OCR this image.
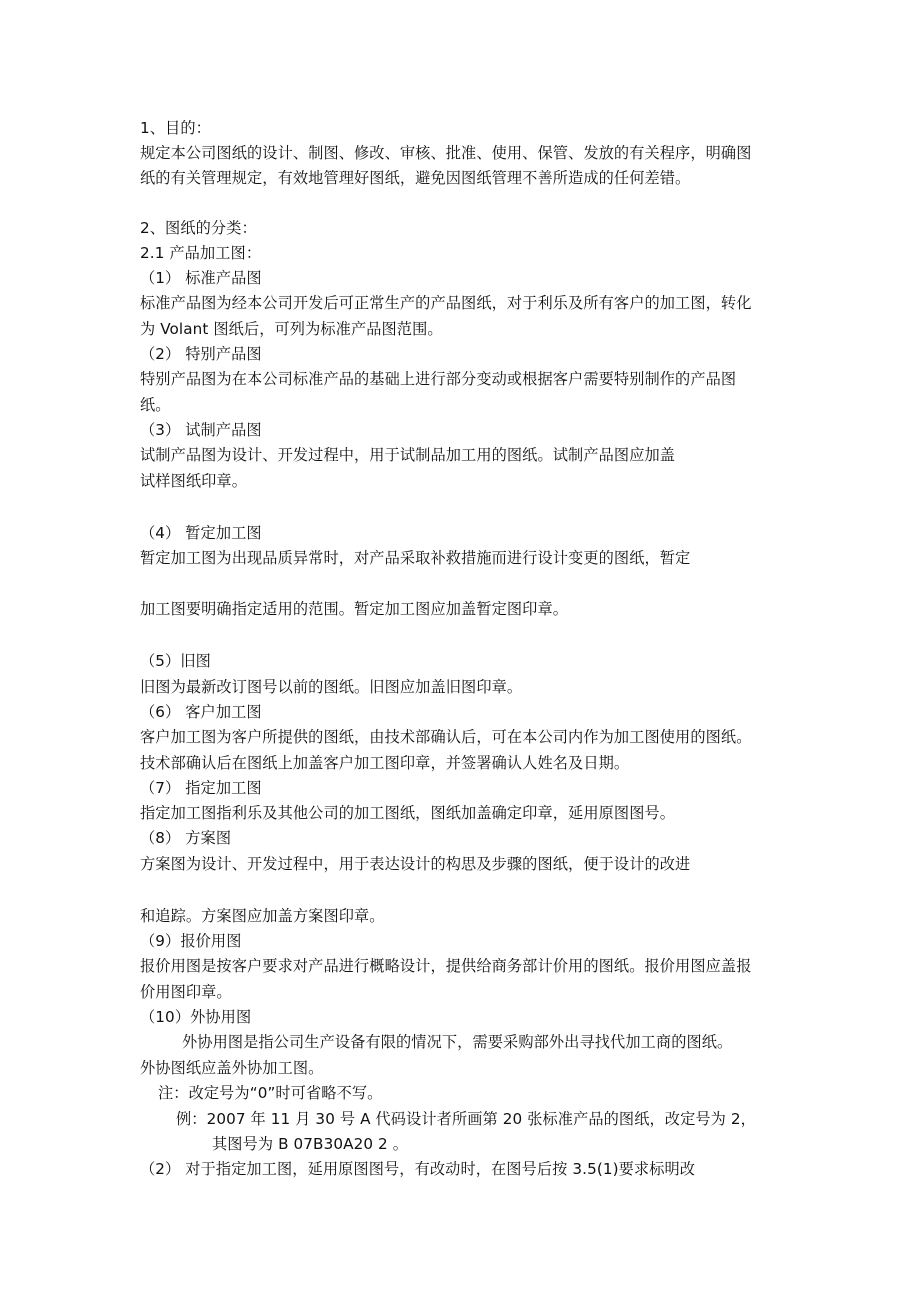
1、目的：
规定本公司图纸的设计、制图、修改、审核、批准、使用、保管、发放的有关程序，明确图
纸的有关管理规定，有效地管理好图纸，避免因图纸管理不善所造成的任何差错。
2、图纸的分类：
2.1 产品加工图：
（1） 标准产品图
标准产品图为经本公司开发后可正常生产的产品图纸，对于利乐及所有客户的加工图，转化
为 Volant 图纸后，可列为标准产品图范围。
（2） 特别产品图
特别产品图为在本公司标准产品的基础上进行部分变动或根据客户需要特别制作的产品图
纸。
（3） 试制产品图
试制产品图为设计、开发过程中，用于试制品加工用的图纸。试制产品图应加盖
试样图纸印章。
（4） 暂定加工图
暂定加工图为出现品质异常时，对产品采取补救措施而进行设计变更的图纸，暂定
加工图要明确指定适用的范围。暂定加工图应加盖暂定图印章。
（5）旧图
旧图为最新改订图号以前的图纸。旧图应加盖旧图印章。
（6） 客户加工图
客户加工图为客户所提供的图纸，由技术部确认后，可在本公司内作为加工图使用的图纸。
技术部确认后在图纸上加盖客户加工图印章，并签署确认人姓名及日期。
（7） 指定加工图
指定加工图指利乐及其他公司的加工图纸，图纸加盖确定印章，延用原图图号。
（8） 方案图
方案图为设计、开发过程中，用于表达设计的构思及步骤的图纸，便于设计的改进
和追踪。方案图应加盖方案图印章。
（9）报价用图
报价用图是按客户要求对产品进行概略设计，提供给商务部计价用的图纸。报价用图应盖报
价用图印章。
（10）外协用图
外协用图是指公司生产设备有限的情况下，需要采购部外出寻找代加工商的图纸。
外协图纸应盖外协加工图。
注：改定号为“0”时可省略不写。
例：2007 年 11 月 30 号 A 代码设计者所画第 20 张标准产品的图纸，改定号为 2，
其图号为 B 07B30A20 2 。
（2） 对于指定加工图，延用原图图号，有改动时，在图号后按 3.5(1)要求标明改
